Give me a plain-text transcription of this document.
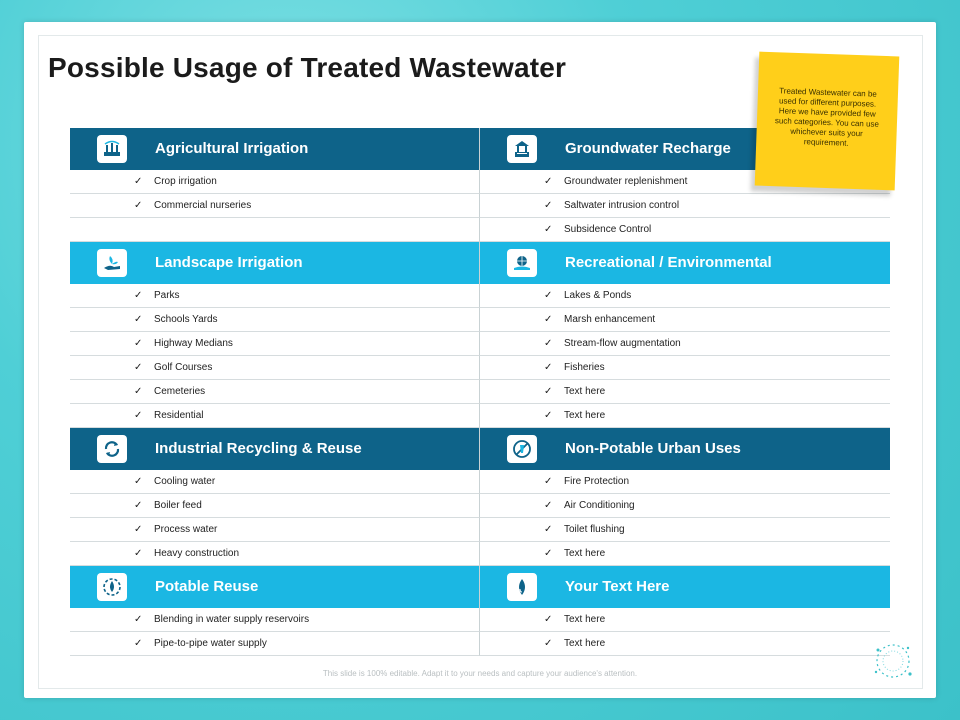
Possible Usage of Treated Wastewater
Agricultural Irrigation
✓ Crop irrigation
✓ Commercial nurseries
Landscape Irrigation
✓ Parks
✓ Schools Yards
✓ Highway Medians
✓ Golf Courses
✓ Cemeteries
✓ Residential
Industrial Recycling & Reuse
✓ Cooling water
✓ Boiler feed
✓ Process water
✓ Heavy construction
Potable Reuse
✓ Blending in water supply reservoirs
✓ Pipe-to-pipe water supply
Groundwater Recharge
✓ Groundwater replenishment
✓ Saltwater intrusion control
✓ Subsidence Control
Recreational / Environmental
✓ Lakes & Ponds
✓ Marsh enhancement
✓ Stream-flow augmentation
✓ Fisheries
✓ Text here
✓ Text here
Non-Potable Urban Uses
✓ Fire Protection
✓ Air Conditioning
✓ Toilet flushing
✓ Text here
Your Text Here
✓ Text here
✓ Text here
Treated Wastewater can be used for different purposes. Here we have provided few such categories. You can use whichever suits your requirement.
This slide is 100% editable. Adapt it to your needs and capture your audience's attention.
